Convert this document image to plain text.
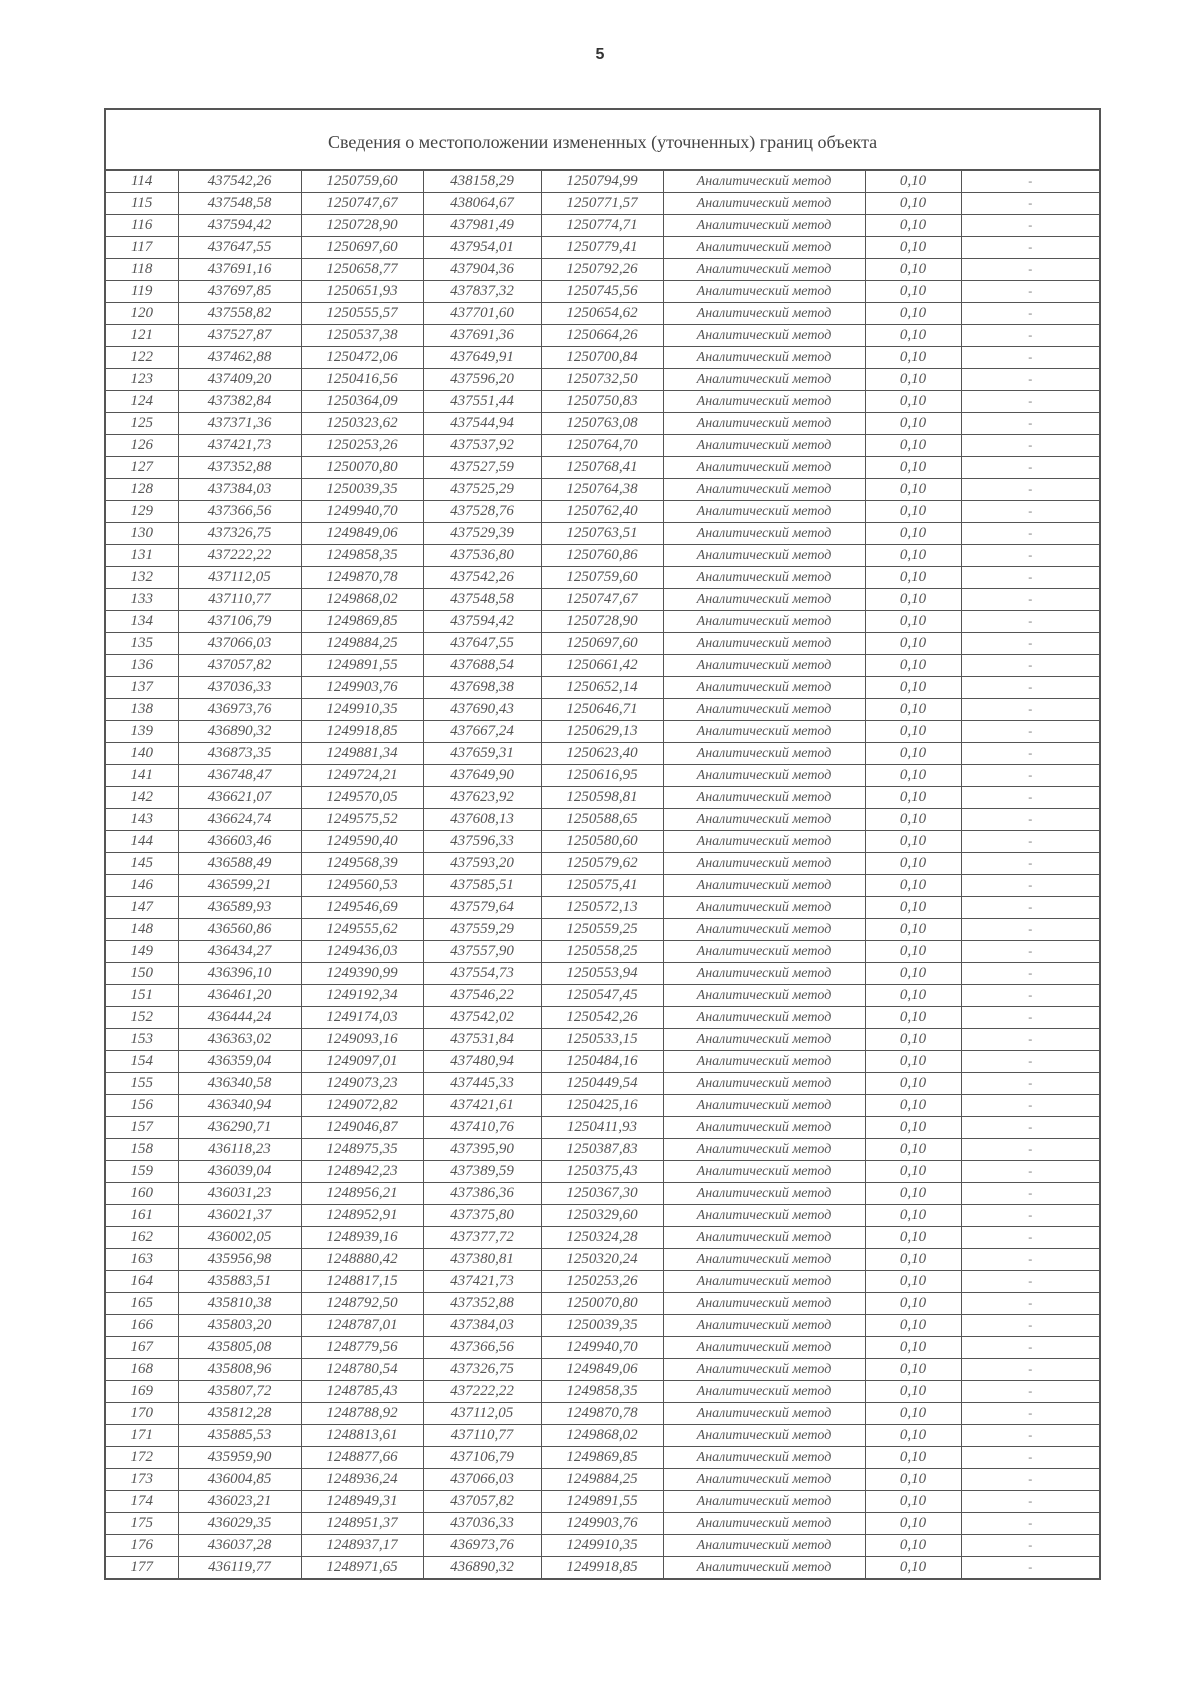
5
Сведения о местоположении измененных (уточненных) границ объекта							
114	437542,26	1250759,60	438158,29	1250794,99	Аналитический метод	0,10	-
115	437548,58	1250747,67	438064,67	1250771,57	Аналитический метод	0,10	-
116	437594,42	1250728,90	437981,49	1250774,71	Аналитический метод	0,10	-
117	437647,55	1250697,60	437954,01	1250779,41	Аналитический метод	0,10	-
118	437691,16	1250658,77	437904,36	1250792,26	Аналитический метод	0,10	-
119	437697,85	1250651,93	437837,32	1250745,56	Аналитический метод	0,10	-
120	437558,82	1250555,57	437701,60	1250654,62	Аналитический метод	0,10	-
121	437527,87	1250537,38	437691,36	1250664,26	Аналитический метод	0,10	-
122	437462,88	1250472,06	437649,91	1250700,84	Аналитический метод	0,10	-
123	437409,20	1250416,56	437596,20	1250732,50	Аналитический метод	0,10	-
124	437382,84	1250364,09	437551,44	1250750,83	Аналитический метод	0,10	-
125	437371,36	1250323,62	437544,94	1250763,08	Аналитический метод	0,10	-
126	437421,73	1250253,26	437537,92	1250764,70	Аналитический метод	0,10	-
127	437352,88	1250070,80	437527,59	1250768,41	Аналитический метод	0,10	-
128	437384,03	1250039,35	437525,29	1250764,38	Аналитический метод	0,10	-
129	437366,56	1249940,70	437528,76	1250762,40	Аналитический метод	0,10	-
130	437326,75	1249849,06	437529,39	1250763,51	Аналитический метод	0,10	-
131	437222,22	1249858,35	437536,80	1250760,86	Аналитический метод	0,10	-
132	437112,05	1249870,78	437542,26	1250759,60	Аналитический метод	0,10	-
133	437110,77	1249868,02	437548,58	1250747,67	Аналитический метод	0,10	-
134	437106,79	1249869,85	437594,42	1250728,90	Аналитический метод	0,10	-
135	437066,03	1249884,25	437647,55	1250697,60	Аналитический метод	0,10	-
136	437057,82	1249891,55	437688,54	1250661,42	Аналитический метод	0,10	-
137	437036,33	1249903,76	437698,38	1250652,14	Аналитический метод	0,10	-
138	436973,76	1249910,35	437690,43	1250646,71	Аналитический метод	0,10	-
139	436890,32	1249918,85	437667,24	1250629,13	Аналитический метод	0,10	-
140	436873,35	1249881,34	437659,31	1250623,40	Аналитический метод	0,10	-
141	436748,47	1249724,21	437649,90	1250616,95	Аналитический метод	0,10	-
142	436621,07	1249570,05	437623,92	1250598,81	Аналитический метод	0,10	-
143	436624,74	1249575,52	437608,13	1250588,65	Аналитический метод	0,10	-
144	436603,46	1249590,40	437596,33	1250580,60	Аналитический метод	0,10	-
145	436588,49	1249568,39	437593,20	1250579,62	Аналитический метод	0,10	-
146	436599,21	1249560,53	437585,51	1250575,41	Аналитический метод	0,10	-
147	436589,93	1249546,69	437579,64	1250572,13	Аналитический метод	0,10	-
148	436560,86	1249555,62	437559,29	1250559,25	Аналитический метод	0,10	-
149	436434,27	1249436,03	437557,90	1250558,25	Аналитический метод	0,10	-
150	436396,10	1249390,99	437554,73	1250553,94	Аналитический метод	0,10	-
151	436461,20	1249192,34	437546,22	1250547,45	Аналитический метод	0,10	-
152	436444,24	1249174,03	437542,02	1250542,26	Аналитический метод	0,10	-
153	436363,02	1249093,16	437531,84	1250533,15	Аналитический метод	0,10	-
154	436359,04	1249097,01	437480,94	1250484,16	Аналитический метод	0,10	-
155	436340,58	1249073,23	437445,33	1250449,54	Аналитический метод	0,10	-
156	436340,94	1249072,82	437421,61	1250425,16	Аналитический метод	0,10	-
157	436290,71	1249046,87	437410,76	1250411,93	Аналитический метод	0,10	-
158	436118,23	1248975,35	437395,90	1250387,83	Аналитический метод	0,10	-
159	436039,04	1248942,23	437389,59	1250375,43	Аналитический метод	0,10	-
160	436031,23	1248956,21	437386,36	1250367,30	Аналитический метод	0,10	-
161	436021,37	1248952,91	437375,80	1250329,60	Аналитический метод	0,10	-
162	436002,05	1248939,16	437377,72	1250324,28	Аналитический метод	0,10	-
163	435956,98	1248880,42	437380,81	1250320,24	Аналитический метод	0,10	-
164	435883,51	1248817,15	437421,73	1250253,26	Аналитический метод	0,10	-
165	435810,38	1248792,50	437352,88	1250070,80	Аналитический метод	0,10	-
166	435803,20	1248787,01	437384,03	1250039,35	Аналитический метод	0,10	-
167	435805,08	1248779,56	437366,56	1249940,70	Аналитический метод	0,10	-
168	435808,96	1248780,54	437326,75	1249849,06	Аналитический метод	0,10	-
169	435807,72	1248785,43	437222,22	1249858,35	Аналитический метод	0,10	-
170	435812,28	1248788,92	437112,05	1249870,78	Аналитический метод	0,10	-
171	435885,53	1248813,61	437110,77	1249868,02	Аналитический метод	0,10	-
172	435959,90	1248877,66	437106,79	1249869,85	Аналитический метод	0,10	-
173	436004,85	1248936,24	437066,03	1249884,25	Аналитический метод	0,10	-
174	436023,21	1248949,31	437057,82	1249891,55	Аналитический метод	0,10	-
175	436029,35	1248951,37	437036,33	1249903,76	Аналитический метод	0,10	-
176	436037,28	1248937,17	436973,76	1249910,35	Аналитический метод	0,10	-
177	436119,77	1248971,65	436890,32	1249918,85	Аналитический метод	0,10	-
